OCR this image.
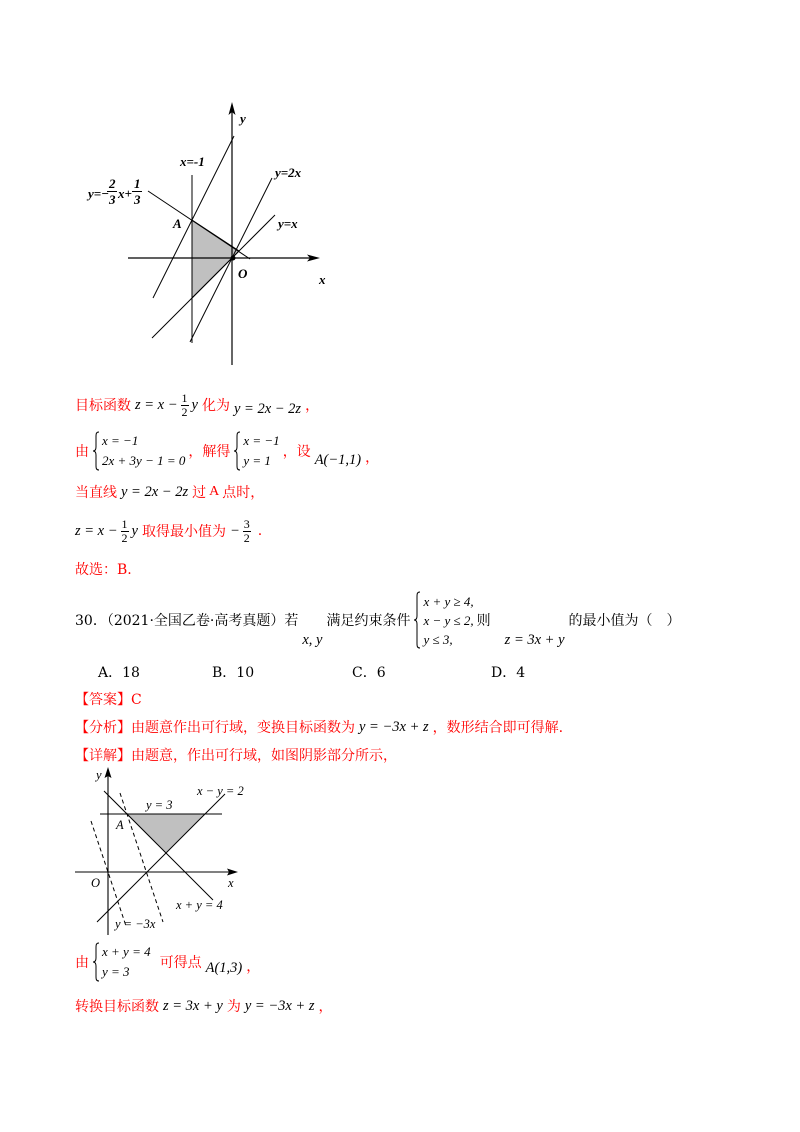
y
x
O
A
x=-1
y=2x
y=x
y=−
2
3 x+
1
3
目标函数 $z = x - \frac{1}{2}$ y 化为 y = 2x − 2z ，
由
x = −1
2x + 3y − 1 = 0
，解得
x = −1
y = 1
，设 A(−1,1) ，
当直线 y = 2x − 2z 过 A 点时，
$z = x - \frac{1}{2}$ y 取得最小值为 − $\frac{3}{2}$ .
故选：B.
30．（2021·全国乙卷·高考真题）若
x, y
满足约束条件
x + y ≥ 4,
x − y ≤ 2,
y ≤ 3,
则
z = 3x + y
的最小值为（　）
A．18	B．10	C．6	D．4
【答案】C
【分析】由题意作出可行域，变换目标函数为 y = −3x + z ，数形结合即可得解.
【详解】由题意，作出可行域，如图阴影部分所示，
y
x
O
A
y = 3
x − y = 2
x + y = 4
y = −3x
由
x + y = 4
y = 3
可得点 A(1,3) ，
转换目标函数 z = 3x + y 为 y = −3x + z ，
